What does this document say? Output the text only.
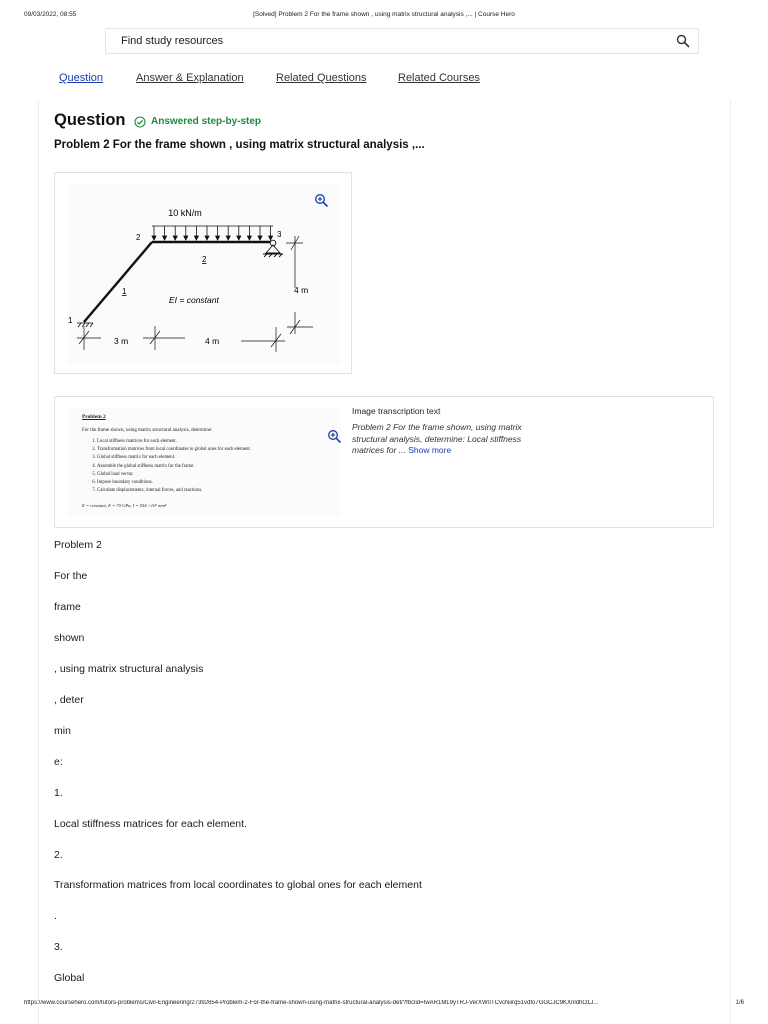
09/03/2022, 08:55	[Solved] Problem 2 For the frame shown , using matrix structural analysis ,... | Course Hero
Find study resources
Question	Answer & Explanation	Related Questions	Related Courses
Question	Answered step-by-step
Problem 2 For the frame shown , using matrix structural analysis ,...
10 kN/m
2	3
1
1
2
EI = constant
4 m
3 m	4 m
Problem 2
For the frame shown, using matrix structural analysis, determine:
1. Local stiffness matrices for each element.
2. Transformation matrices from local coordinates to global ones for each element.
3. Global stiffness matrix for each element.
4. Assemble the global stiffness matrix for the frame.
5. Global load vector.
6. Impose boundary conditions.
7. Calculate displacements, internal forces, and reactions.
E = constant, E = 70 GPa, I = 554 ×10⁶ mm⁴
Image transcription text
Problem 2 For the frame shown, using matrix structural analysis, determine: Local stiffness matrices for ... Show more
Problem 2
For the
frame
shown
, using matrix structural analysis
, deter
min
e:
1.
Local stiffness matrices for each element.
2.
Transformation matrices from local coordinates to global ones for each element
.
3.
Global
https://www.coursehero.com/tutors-problems/Civil-Engineering/27392654-Problem-2-For-the-frame-shown-using-matrix-structural-analysis-det/?fbclid=IwAR1ML9yTRJ-VerXW0TCvcNiirq51vdfo7GGCJC9KXnldhO1J...	1/6
